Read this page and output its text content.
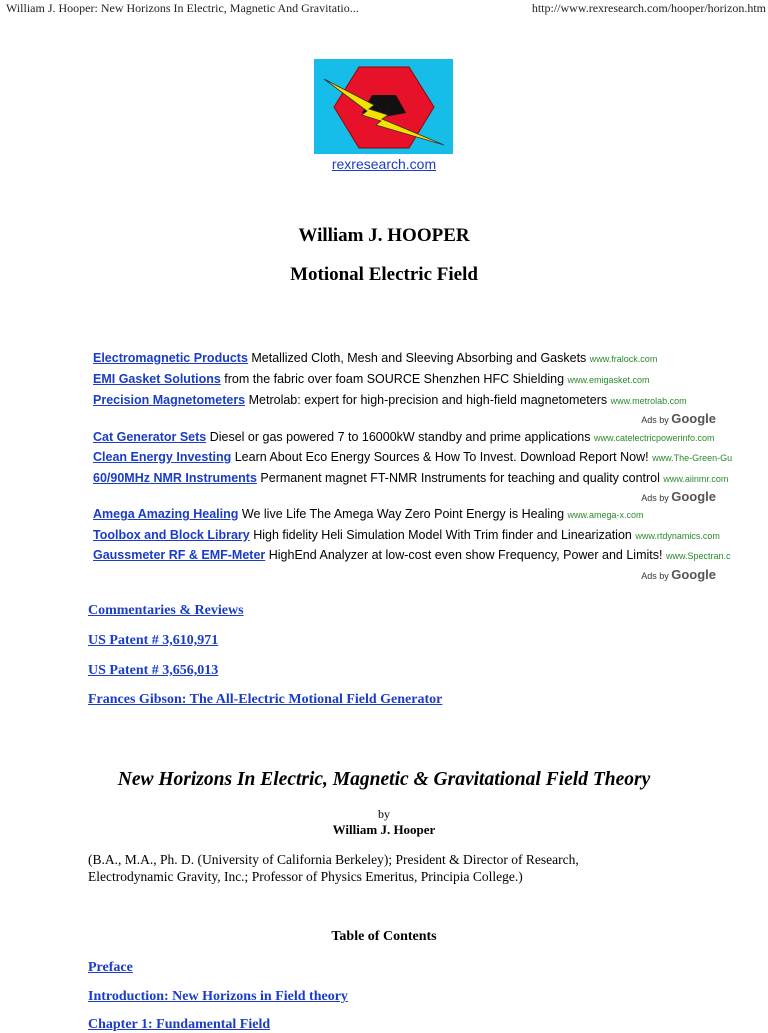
William J. Hooper: New Horizons In Electric, Magnetic And Gravitatio...	http://www.rexresearch.com/hooper/horizon.htm
rexresearch.com
William J. HOOPER
Motional Electric Field
Electromagnetic Products Metallized Cloth, Mesh and Sleeving Absorbing and Gaskets www.fralock.com
EMI Gasket Solutions from the fabric over foam SOURCE Shenzhen HFC Shielding www.emigasket.com
Precision Magnetometers Metrolab: expert for high-precision and high-field magnetometers www.metrolab.com
Ads by Google
Cat Generator Sets Diesel or gas powered 7 to 16000kW standby and prime applications www.catelectricpowerinfo.com
Clean Energy Investing Learn About Eco Energy Sources & How To Invest. Download Report Now! www.The-Green-Gu
60/90MHz NMR Instruments Permanent magnet FT-NMR Instruments for teaching and quality control www.aiinmr.com
Ads by Google
Amega Amazing Healing We live Life The Amega Way Zero Point Energy is Healing www.amega-x.com
Toolbox and Block Library High fidelity Heli Simulation Model With Trim finder and Linearization www.rtdynamics.com
Gaussmeter RF & EMF-Meter HighEnd Analyzer at low-cost even show Frequency, Power and Limits! www.Spectran.c
Ads by Google
Commentaries & Reviews
US Patent # 3,610,971
US Patent # 3,656,013
Frances Gibson: The All-Electric Motional Field Generator
New Horizons In Electric, Magnetic & Gravitational Field Theory
by
William J. Hooper
(B.A., M.A., Ph. D. (University of California Berkeley); President & Director of Research, Electrodynamic Gravity, Inc.; Professor of Physics Emeritus, Principia College.)
Table of Contents
Preface
Introduction: New Horizons in Field theory
Chapter 1: Fundamental Field
